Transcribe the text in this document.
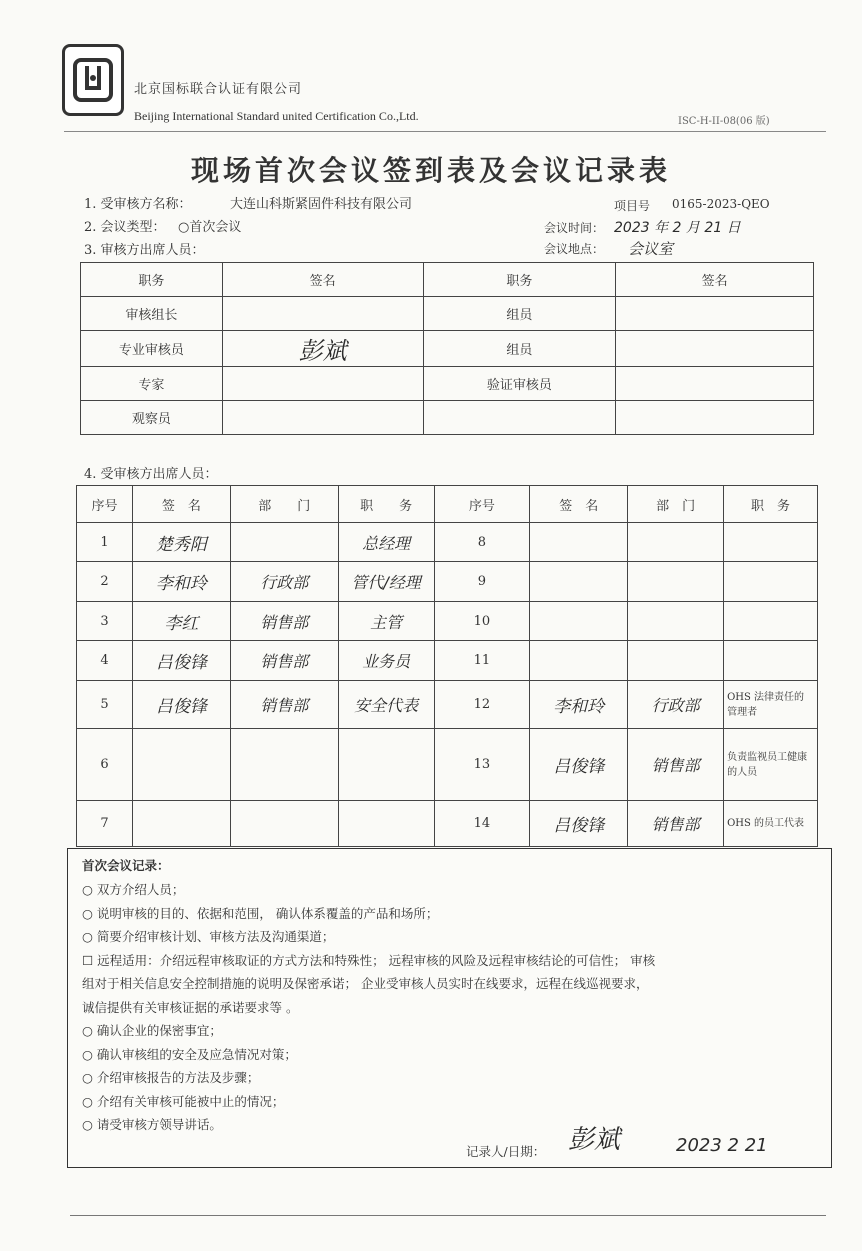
北京国标联合认证有限公司
Beijing International Standard united Certification Co.,Ltd.	ISC-H-II-08(06 版)
现场首次会议签到表及会议记录表
1. 受审核方名称：	大连山科斯紧固件科技有限公司	项目号 0165-2023-QEO
2. 会议类型： ○首次会议	会议时间： 2023 年 2 月 21 日
3. 审核方出席人员：	会议地点： 会议室
职务	签名	职务	签名
审核组长		组员	
专业审核员	彭斌	组员	
专家		验证审核员	
观察员			
4. 受审核方出席人员：
序号	签　名	部　　门	职　　务	序号	签　名	部　门	职　务
1	楚秀阳		总经理	8			
2	李和玲	行政部	管代/经理	9			
3	李红	销售部	主管	10			
4	吕俊锋	销售部	业务员	11			
5	吕俊锋	销售部	安全代表	12	李和玲	行政部	OHS 法律责任的管理者
6				13	吕俊锋	销售部	负责监视员工健康的人员
7				14	吕俊锋	销售部	OHS 的员工代表
首次会议记录：
○ 双方介绍人员；
○ 说明审核的目的、依据和范围， 确认体系覆盖的产品和场所；
○ 简要介绍审核计划、审核方法及沟通渠道；
☐ 远程适用：介绍远程审核取证的方式方法和特殊性； 远程审核的风险及远程审核结论的可信性； 审核
组对于相关信息安全控制措施的说明及保密承诺； 企业受审核人员实时在线要求，远程在线巡视要求，
诚信提供有关审核证据的承诺要求等 。
○ 确认企业的保密事宜；
○ 确认审核组的安全及应急情况对策；
○ 介绍审核报告的方法及步骤；
○ 介绍有关审核可能被中止的情况；
○ 请受审核方领导讲话。
记录人/日期： 彭斌	2023 2 21
